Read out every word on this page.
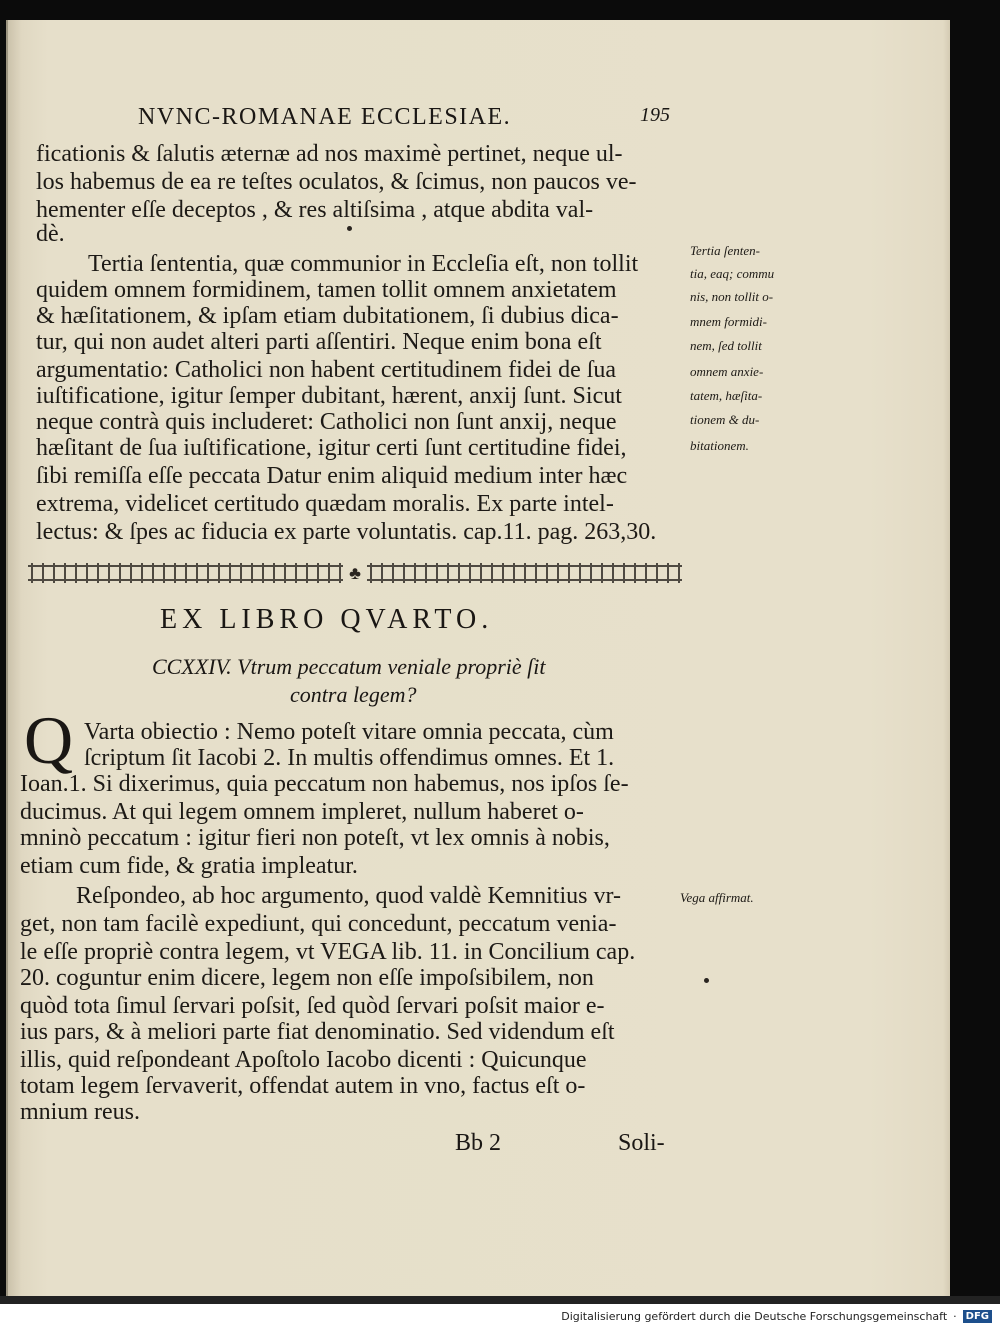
NVNC-ROMANAE ECCLESIAE.	195
ficationis & ſalutis æternæ ad nos maximè pertinet, neque ul-
los habemus de ea re teſtes oculatos, & ſcimus, non paucos ve-
hementer eſſe deceptos , & res altiſsima , atque abdita val-
dè.
Tertia ſententia, quæ communior in Eccleſia eſt, non tollit
quidem omnem formidinem, tamen tollit omnem anxietatem
& hæſitationem, & ipſam etiam dubitationem, ſi dubius dica-
tur, qui non audet alteri parti aſſentiri. Neque enim bona eſt
argumentatio: Catholici non habent certitudinem fidei de ſua
iuſtificatione, igitur ſemper dubitant, hærent, anxij ſunt. Sicut
neque contrà quis includeret: Catholici non ſunt anxij, neque
hæſitant de ſua iuſtificatione, igitur certi ſunt certitudine fidei,
ſibi remiſſa eſſe peccata Datur enim aliquid medium inter hæc
extrema, videlicet certitudo quædam moralis. Ex parte intel-
lectus: & ſpes ac fiducia ex parte voluntatis. cap.11. pag. 263,30.
Tertia ſenten-
tia, eaq; commu
nis, non tollit o-
mnem formidi-
nem, ſed tollit
omnem anxie-
tatem, hæſita-
tionem & du-
bitationem.
♣
EX LIBRO QVARTO.
CCXXIV. Vtrum peccatum veniale propriè ſit
contra legem?
Q Varta obiectio : Nemo poteſt vitare omnia peccata, cùm
ſcriptum ſit Iacobi 2. In multis offendimus omnes. Et 1.
Ioan.1. Si dixerimus, quia peccatum non habemus, nos ipſos ſe-
ducimus. At qui legem omnem impleret, nullum haberet o-
mninò peccatum : igitur fieri non poteſt, vt lex omnis à nobis,
etiam cum fide, & gratia impleatur.
Reſpondeo, ab hoc argumento, quod valdè Kemnitius vr-
get, non tam facilè expediunt, qui concedunt, peccatum venia-
le eſſe propriè contra legem, vt VEGA lib. 11. in Concilium cap.
20. coguntur enim dicere, legem non eſſe impoſsibilem, non
quòd tota ſimul ſervari poſsit, ſed quòd ſervari poſsit maior e-
ius pars, & à meliori parte fiat denominatio. Sed videndum eſt
illis, quid reſpondeant Apoſtolo Iacobo dicenti : Quicunque
totam legem ſervaverit, offendat autem in vno, factus eſt o-
mnium reus.
Vega affirmat.
Bb 2	Soli-
Digitalisierung gefördert durch die Deutsche Forschungsgemeinschaft · DFG
